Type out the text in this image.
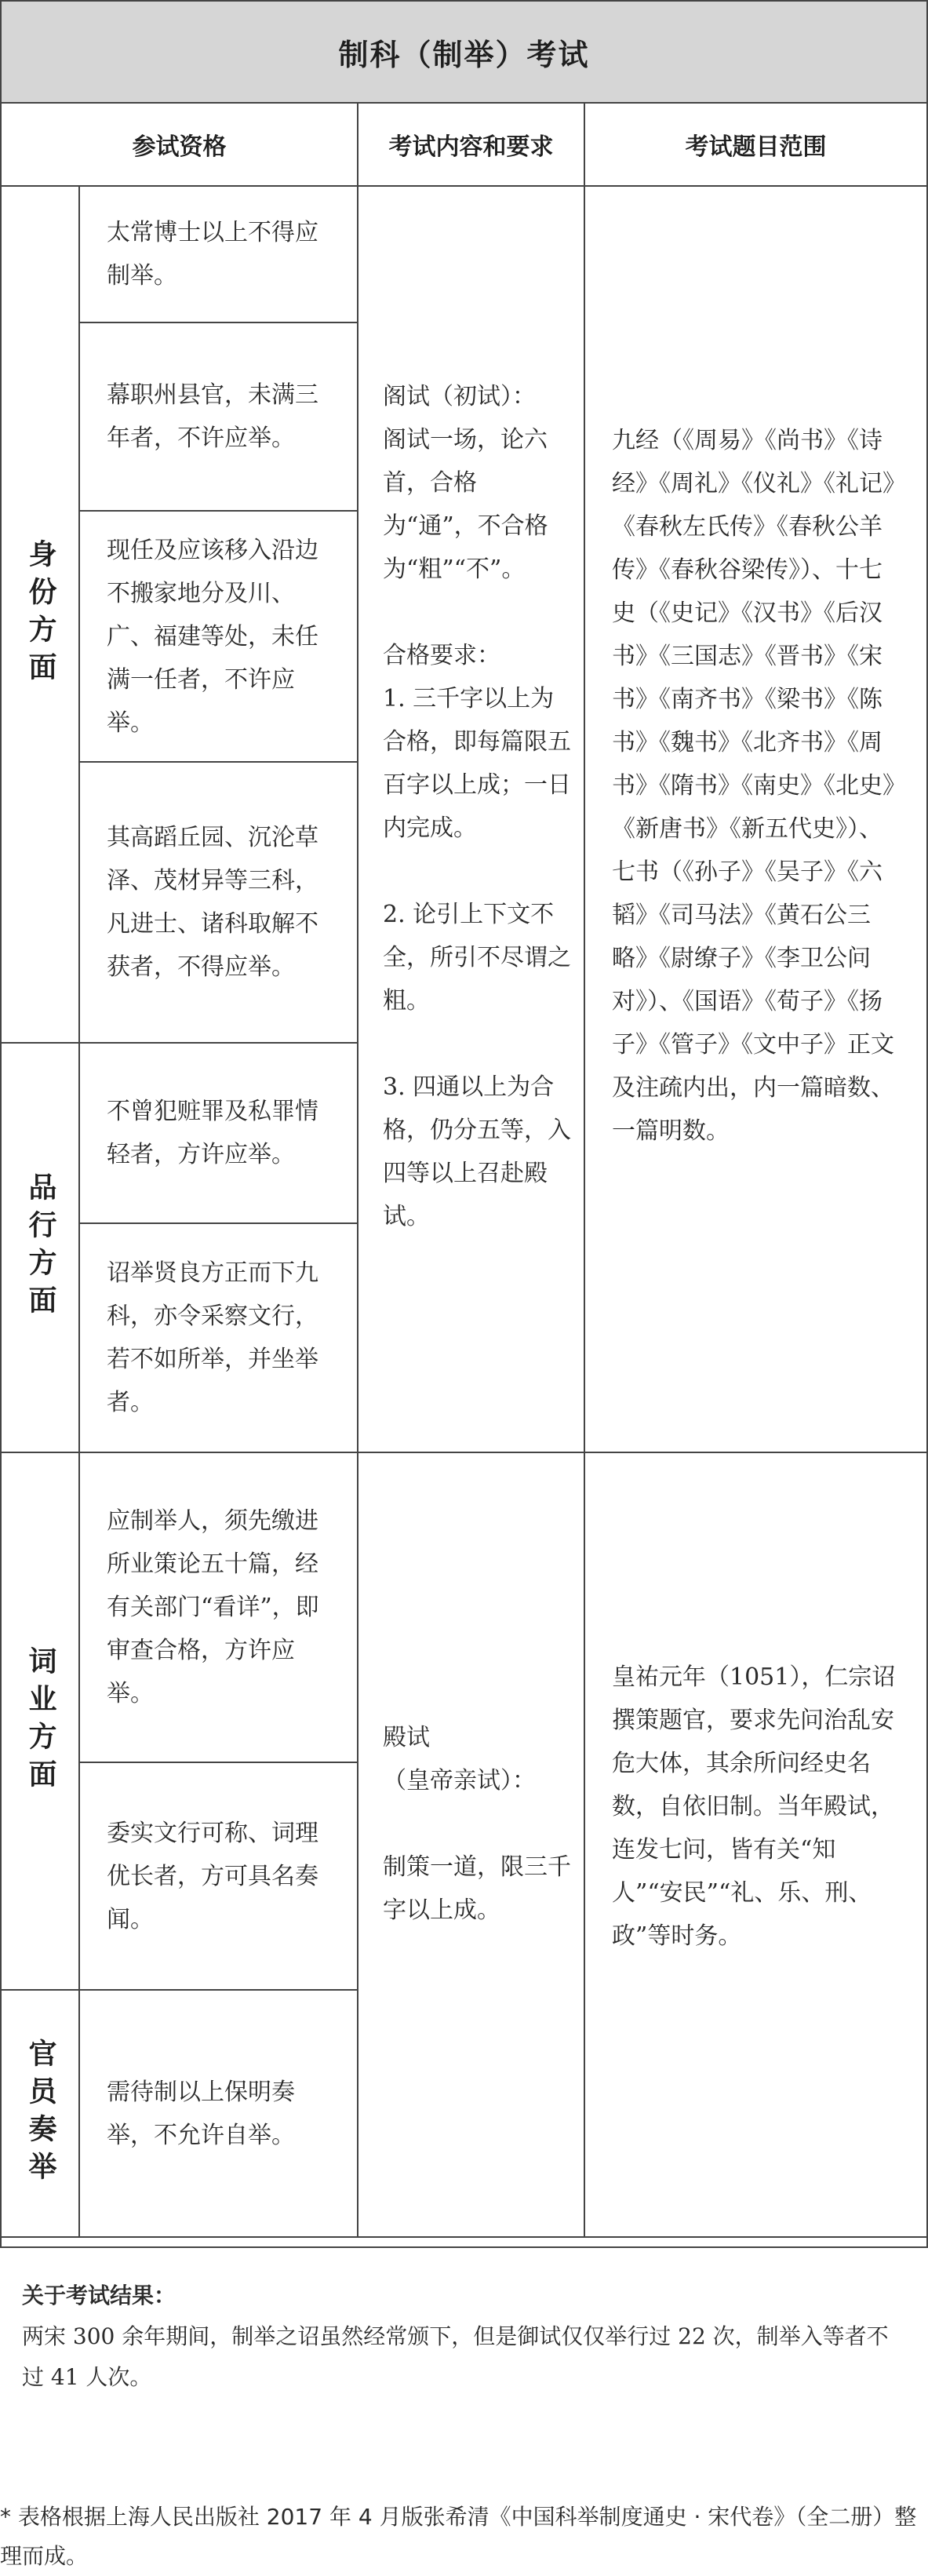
制科（制举）考试
参试资格	考试内容和要求	考试题目范围
身份方面
品行方面
词业方面
官员奏举
太常博士以上不得应制举。
幕职州县官，未满三年者，不许应举。
现任及应该移入沿边不搬家地分及川、广、福建等处，未任满一任者，不许应举。
其高蹈丘园、沉沦草泽、茂材异等三科，凡进士、诸科取解不获者，不得应举。
不曾犯赃罪及私罪情轻者，方许应举。
诏举贤良方正而下九科，亦令采察文行，若不如所举，并坐举者。
应制举人，须先缴进所业策论五十篇，经有关部门“看详”，即审查合格，方许应举。
委实文行可称、词理优长者，方可具名奏闻。
需待制以上保明奏举，不允许自举。
阁试（初试）：
阁试一场，论六首，合格为“通”，不合格为“粗”“不”。

合格要求：
1. 三千字以上为合格，即每篇限五百字以上成；一日内完成。

2. 论引上下文不全，所引不尽谓之粗。

3. 四通以上为合格，仍分五等，入四等以上召赴殿试。
殿试
（皇帝亲试）：

制策一道，限三千字以上成。
九经（《周易》《尚书》《诗经》《周礼》《仪礼》《礼记》《春秋左氏传》《春秋公羊传》《春秋谷梁传》）、十七史（《史记》《汉书》《后汉书》《三国志》《晋书》《宋书》《南齐书》《梁书》《陈书》《魏书》《北齐书》《周书》《隋书》《南史》《北史》《新唐书》《新五代史》）、七书（《孙子》《吴子》《六韬》《司马法》《黄石公三略》《尉缭子》《李卫公问对》）、《国语》《荀子》《扬子》《管子》《文中子》正文及注疏内出，内一篇暗数、一篇明数。
皇祐元年（1051），仁宗诏撰策题官，要求先问治乱安危大体，其余所问经史名数，自依旧制。当年殿试，连发七问，皆有关“知人”“安民”“礼、乐、刑、政”等时务。
关于考试结果：
两宋 300 余年期间，制举之诏虽然经常颁下，但是御试仅仅举行过 22 次，制举入等者不过 41 人次。
* 表格根据上海人民出版社 2017 年 4 月版张希清《中国科举制度通史 · 宋代卷》（全二册）整理而成。
